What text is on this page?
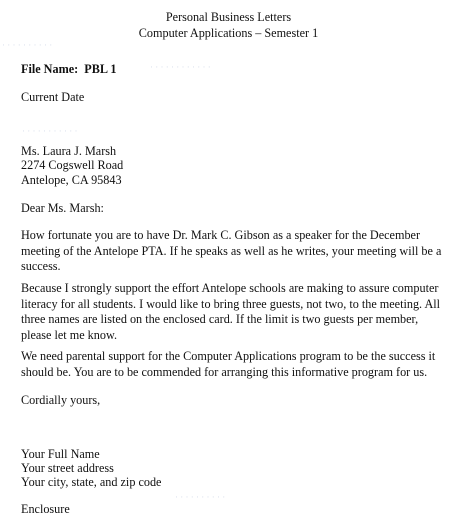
· · · · · · · · · ·
· · · · · · · · · · · ·
· · · · · · · · · · ·
· · · · · · · · · ·
Personal Business Letters
Computer Applications – Semester 1
File Name: PBL 1
Current Date
Ms. Laura J. Marsh
2274 Cogswell Road
Antelope, CA 95843
Dear Ms. Marsh:
How fortunate you are to have Dr. Mark C. Gibson as a speaker for the December meeting of the Antelope PTA. If he speaks as well as he writes, your meeting will be a success.
Because I strongly support the effort Antelope schools are making to assure computer literacy for all students. I would like to bring three guests, not two, to the meeting. All three names are listed on the enclosed card. If the limit is two guests per member, please let me know.
We need parental support for the Computer Applications program to be the success it should be. You are to be commended for arranging this informative program for us.
Cordially yours,
Your Full Name
Your street address
Your city, state, and zip code
Enclosure
